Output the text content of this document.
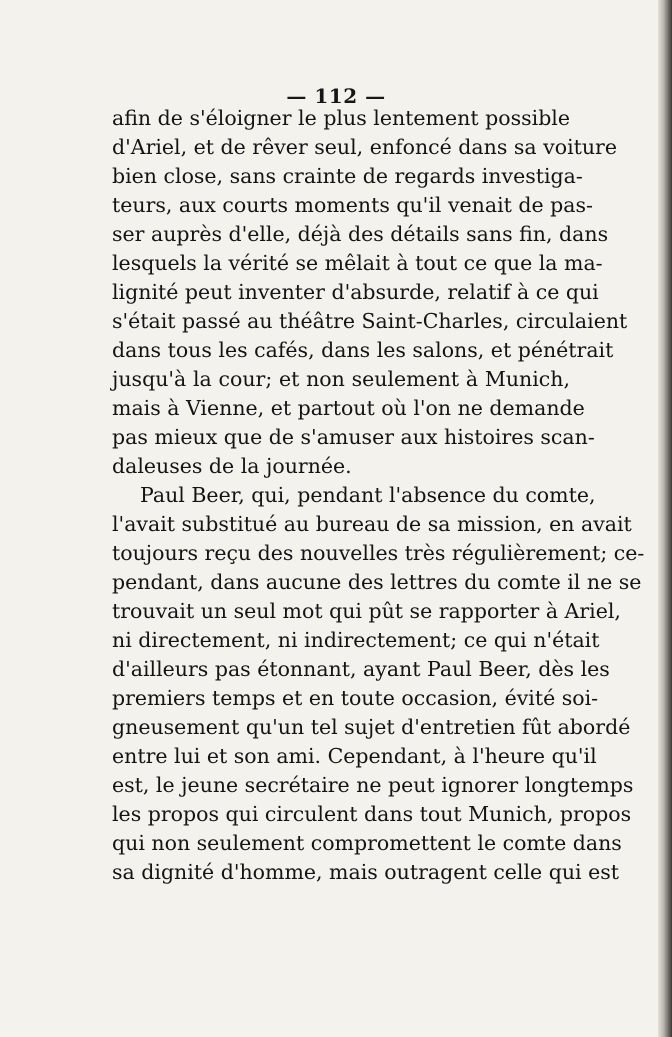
— 112 —
afin de s'éloigner le plus lentement possible
d'Ariel, et de rêver seul, enfoncé dans sa voiture
bien close, sans crainte de regards investiga-
teurs, aux courts moments qu'il venait de pas-
ser auprès d'elle, déjà des détails sans fin, dans
lesquels la vérité se mêlait à tout ce que la ma-
lignité peut inventer d'absurde, relatif à ce qui
s'était passé au théâtre Saint-Charles, circulaient
dans tous les cafés, dans les salons, et pénétrait
jusqu'à la cour; et non seulement à Munich,
mais à Vienne, et partout où l'on ne demande
pas mieux que de s'amuser aux histoires scan-
daleuses de la journée.
Paul Beer, qui, pendant l'absence du comte,
l'avait substitué au bureau de sa mission, en avait
toujours reçu des nouvelles très régulièrement; ce-
pendant, dans aucune des lettres du comte il ne se
trouvait un seul mot qui pût se rapporter à Ariel,
ni directement, ni indirectement; ce qui n'était
d'ailleurs pas étonnant, ayant Paul Beer, dès les
premiers temps et en toute occasion, évité soi-
gneusement qu'un tel sujet d'entretien fût abordé
entre lui et son ami. Cependant, à l'heure qu'il
est, le jeune secrétaire ne peut ignorer longtemps
les propos qui circulent dans tout Munich, propos
qui non seulement compromettent le comte dans
sa dignité d'homme, mais outragent celle qui est
